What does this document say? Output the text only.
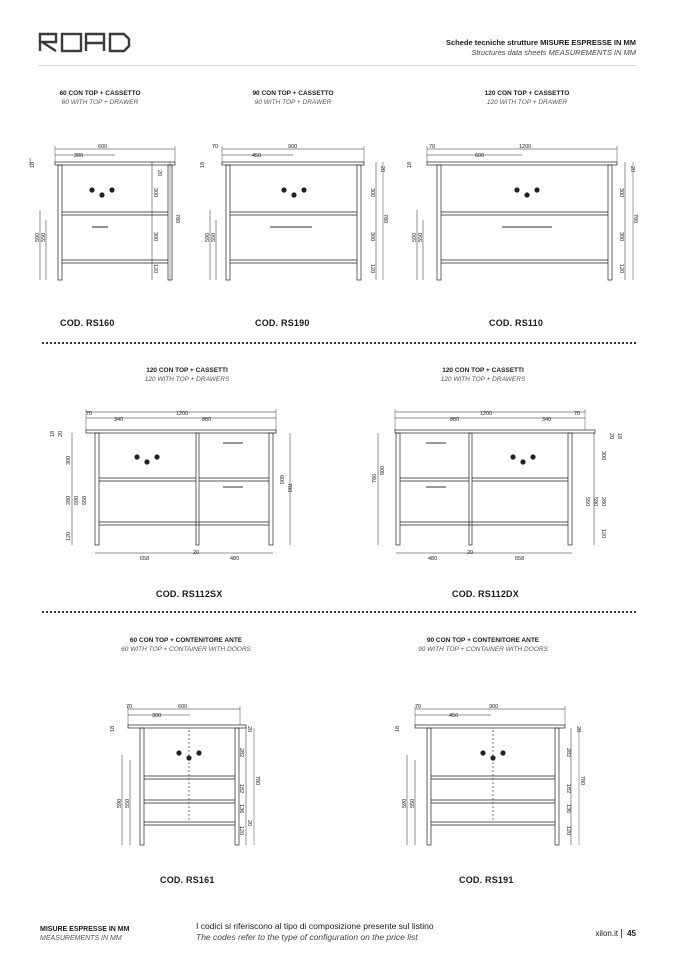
Schede tecniche strutture MISURE ESPRESSE IN MM
Structures data sheets MEASUREMENTS IN MM
60 CON TOP + CASSETTO
60 WITH TOP + DRAWER
90 CON TOP + CASSETTO
90 WITH TOP + DRAWER
120 CON TOP + CASSETTO
120 WITH TOP + DRAWER
600
300
18
20
300
300
120
780
590 550
70	900
450
18
20
300
300
120
780
590 550
70	1200
600
18
20
300
300
120
780
590 550
COD. RS160	COD. RS190	COD. RS110
120 CON TOP + CASSETTI
120 WITH TOP + DRAWERS
120 CON TOP + CASSETTI
120 WITH TOP + DRAWERS
70	1200
340	860
18 20
300
280
120
590 550
600
780
658
20
480
1200	70
860	340
780
600
18
20
300
280
120
550 590
480
20
658
COD. RS112SX	COD. RS112DX
60 CON TOP + CONTENITORE ANTE
60 WITH TOP + CONTAINER WITH DOORS
90 CON TOP + CONTENITORE ANTE
90 WITH TOP + CONTAINER WITH DOORS
70	600
300
18	20
282
182
136
120
20
780
590 550
70	900
450
18	20
282
182
136
120
780
590 550
COD. RS161	COD. RS191
MISURE ESPRESSE IN MM
MEASUREMENTS IN MM
I codici si riferiscono al tipo di composizione presente sul listino
The codes refer to the type of configuration on the price list	xilon.it 45
